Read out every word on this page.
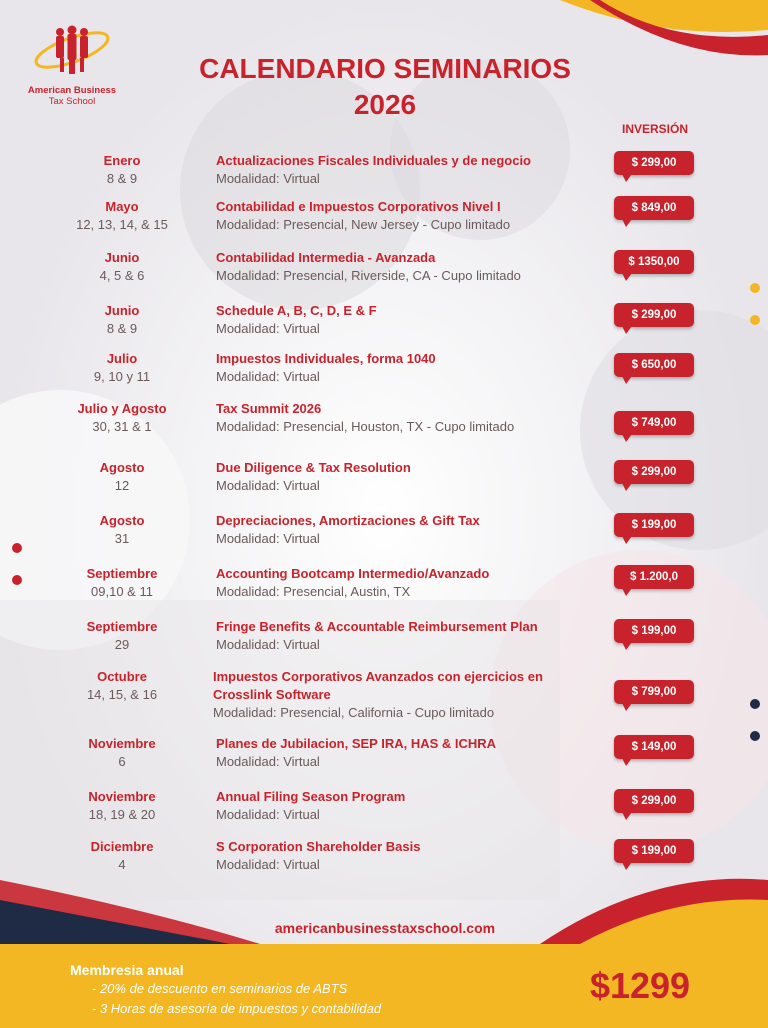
American Business
Tax School
CALENDARIO SEMINARIOS
2026
INVERSIÓN
Enero
8 & 9
Actualizaciones Fiscales Individuales y de negocio
Modalidad: Virtual
$ 299,00
Mayo
12, 13, 14, & 15
Contabilidad e Impuestos Corporativos Nivel I
Modalidad: Presencial, New Jersey - Cupo limitado
$ 849,00
Junio
4, 5 & 6
Contabilidad Intermedia - Avanzada
Modalidad: Presencial, Riverside, CA - Cupo limitado
$ 1350,00
Junio
8 & 9
Schedule A, B, C, D, E & F
Modalidad: Virtual
$ 299,00
Julio
9, 10 y 11
Impuestos Individuales, forma 1040
Modalidad: Virtual
$ 650,00
Julio y Agosto
30, 31 & 1
Tax Summit 2026
Modalidad: Presencial, Houston, TX - Cupo limitado	$ 749,00
Agosto
12
Due Diligence & Tax Resolution
Modalidad: Virtual
$ 299,00
Agosto
31
Depreciaciones, Amortizaciones & Gift Tax
Modalidad: Virtual
$ 199,00
Septiembre
09,10 & 11
Accounting Bootcamp Intermedio/Avanzado
Modalidad: Presencial, Austin, TX
$ 1.200,0
Septiembre
29
Fringe Benefits & Accountable Reimbursement Plan
Modalidad: Virtual
$ 199,00
Octubre
14, 15, & 16
Impuestos Corporativos Avanzados con ejercicios en
Crosslink Software
Modalidad: Presencial, California - Cupo limitado
$ 799,00
Noviembre
6
Planes de Jubilacion, SEP IRA, HAS & ICHRA
Modalidad: Virtual
$ 149,00
Noviembre
18, 19 & 20
Annual Filing Season Program
Modalidad: Virtual
$ 299,00
Diciembre
4
S Corporation Shareholder Basis
Modalidad: Virtual
$ 199,00
americanbusinesstaxschool.com
Membresia anual
- 20% de descuento en seminarios de ABTS
- 3 Horas de asesoría de impuestos y contabilidad
$1299
